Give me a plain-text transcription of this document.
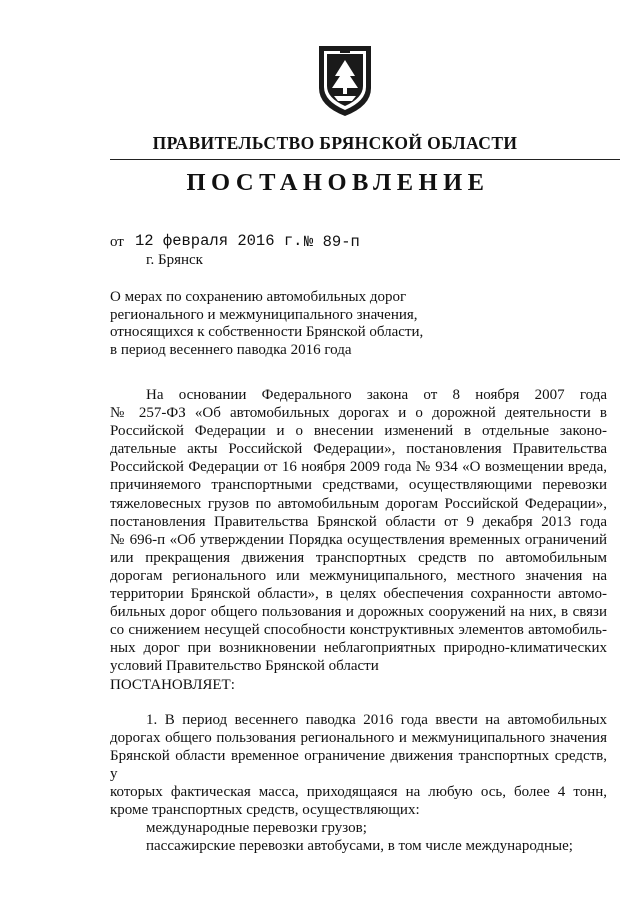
ПРАВИТЕЛЬСТВО БРЯНСКОЙ ОБЛАСТИ
ПОСТАНОВЛЕНИЕ
от 12 февраля 2016 г. № 89-п
г. Брянск
О мерах по сохранению автомобильных дорог
регионального и межмуниципального значения,
относящихся к собственности Брянской области,
в период весеннего паводка 2016 года
На основании Федерального закона от 8 ноября 2007 года
№ 257-ФЗ «Об автомобильных дорогах и о дорожной деятельности в
Российской Федерации и о внесении изменений в отдельные законо-
дательные акты Российской Федерации», постановления Правительства
Российской Федерации от 16 ноября 2009 года № 934 «О возмещении вреда,
причиняемого транспортными средствами, осуществляющими перевозки
тяжеловесных грузов по автомобильным дорогам Российской Федерации»,
постановления Правительства Брянской области от 9 декабря 2013 года
№ 696-п «Об утверждении Порядка осуществления временных ограничений
или прекращения движения транспортных средств по автомобильным
дорогам регионального или межмуниципального, местного значения на
территории Брянской области», в целях обеспечения сохранности автомо-
бильных дорог общего пользования и дорожных сооружений на них, в связи
со снижением несущей способности конструктивных элементов автомобиль-
ных дорог при возникновении неблагоприятных природно-климатических
условий Правительство Брянской области
ПОСТАНОВЛЯЕТ:
1. В период весеннего паводка 2016 года ввести на автомобильных
дорогах общего пользования регионального и межмуниципального значения
Брянской области временное ограничение движения транспортных средств, у
которых фактическая масса, приходящаяся на любую ось, более 4 тонн,
кроме транспортных средств, осуществляющих:
международные перевозки грузов;
пассажирские перевозки автобусами, в том числе международные;
